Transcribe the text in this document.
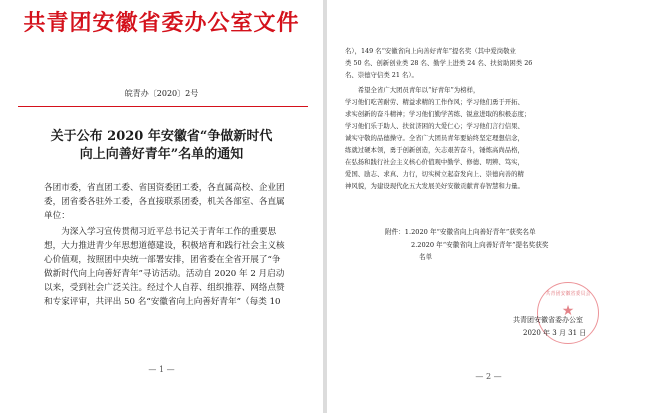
共青团安徽省委办公室文件
皖青办〔2020〕2号
关于公布 2020 年安徽省“争做新时代
向上向善好青年”名单的通知
各团市委，省直团工委、省国资委团工委，各直属高校、企业团
委，团省委各驻外工委，各直接联系团委，机关各部室、各直属
单位：
　　为深入学习宣传贯彻习近平总书记关于青年工作的重要思
想，大力推进青少年思想道德建设，积极培育和践行社会主义核
心价值观，按照团中央统一部署安排，团省委在全省开展了“争
做新时代向上向善好青年”寻访活动。活动自 2020 年 2 月启动
以来，受到社会广泛关注。经过个人自荐、组织推荐、网络点赞
和专家评审，共评出 50 名“安徽省向上向善好青年”（每类 10
— 1 —
名），149 名“安徽省向上向善好青年”提名奖（其中爱岗敬业
类 50 名、创新创业类 28 名、勤学上进类 24 名、扶贫助困类 26
名、崇德守信类 21 名）。
　　希望全省广大团员青年以“好青年”为榜样，
学习他们吃苦耐劳、精益求精的工作作风；学习他们勇于开拓、
求实创新的奋斗精神；学习他们勤学苦练、锐意进取的积极态度；
学习他们乐于助人、扶贫济困的大爱仁心；学习他们言行信果、
诚实守敬的品德操守。全省广大团员青年要始终坚定理想信念，
练就过硬本领，勇于创新创造，矢志艰苦奋斗，锤炼高尚品格，
在弘扬和践行社会主义核心价值观中勤学、修德、明辨、笃实，
爱国、励志、求真、力行，切实树立起奋发向上、崇德向善的精
神风貌，为建设现代化五大发展美好安徽贡献青春智慧和力量。
附件：1.2020 年“安徽省向上向善好青年”获奖名单
2.2020 年“安徽省向上向善好青年”提名奖获奖
名单
共青团安徽省委员会
★
共青团安徽省委办公室
2020 年 3 月 31 日
— 2 —
